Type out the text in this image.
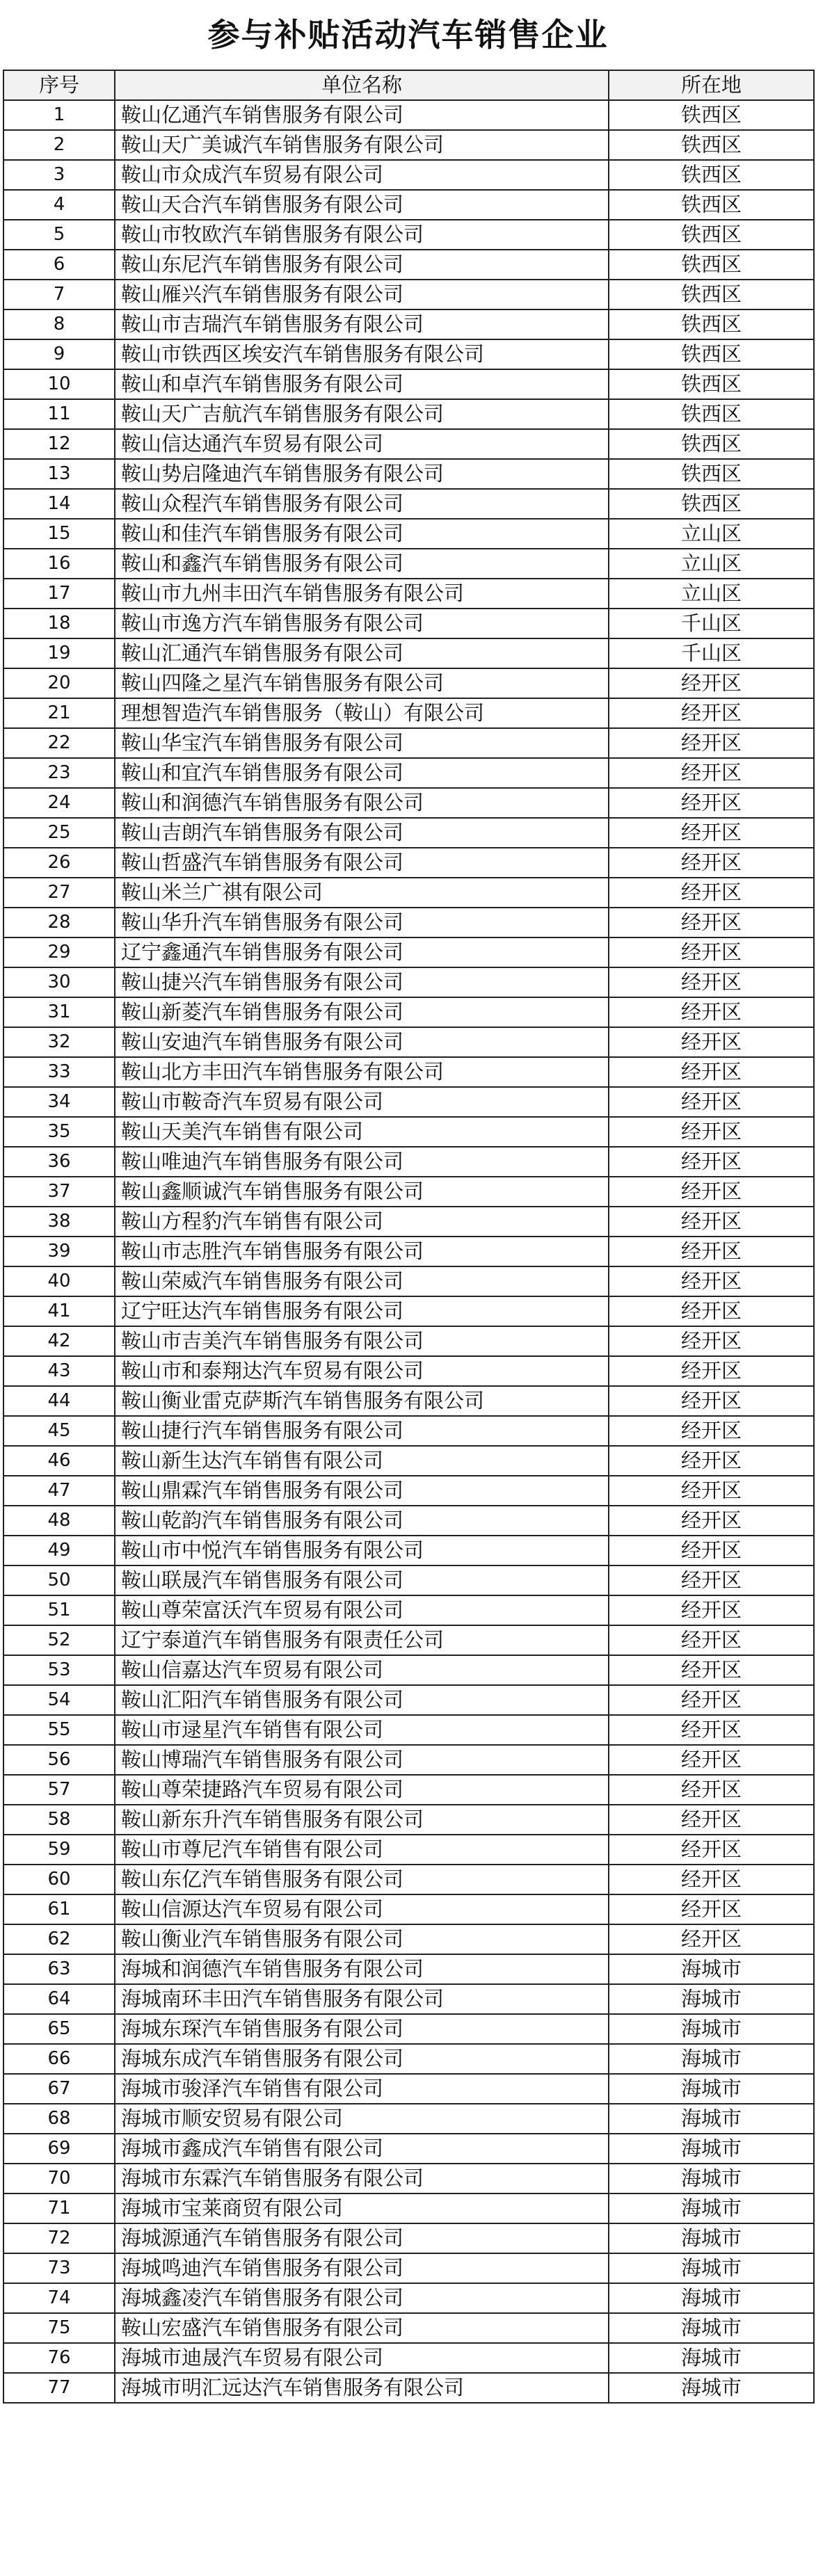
参与补贴活动汽车销售企业
序号	单位名称	所在地
1	鞍山亿通汽车销售服务有限公司	铁西区
2	鞍山天广美诚汽车销售服务有限公司	铁西区
3	鞍山市众成汽车贸易有限公司	铁西区
4	鞍山天合汽车销售服务有限公司	铁西区
5	鞍山市牧欧汽车销售服务有限公司	铁西区
6	鞍山东尼汽车销售服务有限公司	铁西区
7	鞍山雁兴汽车销售服务有限公司	铁西区
8	鞍山市吉瑞汽车销售服务有限公司	铁西区
9	鞍山市铁西区埃安汽车销售服务有限公司	铁西区
10	鞍山和卓汽车销售服务有限公司	铁西区
11	鞍山天广吉航汽车销售服务有限公司	铁西区
12	鞍山信达通汽车贸易有限公司	铁西区
13	鞍山势启隆迪汽车销售服务有限公司	铁西区
14	鞍山众程汽车销售服务有限公司	铁西区
15	鞍山和佳汽车销售服务有限公司	立山区
16	鞍山和鑫汽车销售服务有限公司	立山区
17	鞍山市九州丰田汽车销售服务有限公司	立山区
18	鞍山市逸方汽车销售服务有限公司	千山区
19	鞍山汇通汽车销售服务有限公司	千山区
20	鞍山四隆之星汽车销售服务有限公司	经开区
21	理想智造汽车销售服务（鞍山）有限公司	经开区
22	鞍山华宝汽车销售服务有限公司	经开区
23	鞍山和宜汽车销售服务有限公司	经开区
24	鞍山和润德汽车销售服务有限公司	经开区
25	鞍山吉朗汽车销售服务有限公司	经开区
26	鞍山哲盛汽车销售服务有限公司	经开区
27	鞍山米兰广祺有限公司	经开区
28	鞍山华升汽车销售服务有限公司	经开区
29	辽宁鑫通汽车销售服务有限公司	经开区
30	鞍山捷兴汽车销售服务有限公司	经开区
31	鞍山新菱汽车销售服务有限公司	经开区
32	鞍山安迪汽车销售服务有限公司	经开区
33	鞍山北方丰田汽车销售服务有限公司	经开区
34	鞍山市鞍奇汽车贸易有限公司	经开区
35	鞍山天美汽车销售有限公司	经开区
36	鞍山唯迪汽车销售服务有限公司	经开区
37	鞍山鑫顺诚汽车销售服务有限公司	经开区
38	鞍山方程豹汽车销售有限公司	经开区
39	鞍山市志胜汽车销售服务有限公司	经开区
40	鞍山荣威汽车销售服务有限公司	经开区
41	辽宁旺达汽车销售服务有限公司	经开区
42	鞍山市吉美汽车销售服务有限公司	经开区
43	鞍山市和泰翔达汽车贸易有限公司	经开区
44	鞍山衡业雷克萨斯汽车销售服务有限公司	经开区
45	鞍山捷行汽车销售服务有限公司	经开区
46	鞍山新生达汽车销售有限公司	经开区
47	鞍山鼎霖汽车销售服务有限公司	经开区
48	鞍山乾韵汽车销售服务有限公司	经开区
49	鞍山市中悦汽车销售服务有限公司	经开区
50	鞍山联晟汽车销售服务有限公司	经开区
51	鞍山尊荣富沃汽车贸易有限公司	经开区
52	辽宁泰道汽车销售服务有限责任公司	经开区
53	鞍山信嘉达汽车贸易有限公司	经开区
54	鞍山汇阳汽车销售服务有限公司	经开区
55	鞍山市逯星汽车销售有限公司	经开区
56	鞍山博瑞汽车销售服务有限公司	经开区
57	鞍山尊荣捷路汽车贸易有限公司	经开区
58	鞍山新东升汽车销售服务有限公司	经开区
59	鞍山市尊尼汽车销售有限公司	经开区
60	鞍山东亿汽车销售服务有限公司	经开区
61	鞍山信源达汽车贸易有限公司	经开区
62	鞍山衡业汽车销售服务有限公司	经开区
63	海城和润德汽车销售服务有限公司	海城市
64	海城南环丰田汽车销售服务有限公司	海城市
65	海城东琛汽车销售服务有限公司	海城市
66	海城东成汽车销售服务有限公司	海城市
67	海城市骏泽汽车销售有限公司	海城市
68	海城市顺安贸易有限公司	海城市
69	海城市鑫成汽车销售有限公司	海城市
70	海城市东霖汽车销售服务有限公司	海城市
71	海城市宝莱商贸有限公司	海城市
72	海城源通汽车销售服务有限公司	海城市
73	海城鸣迪汽车销售服务有限公司	海城市
74	海城鑫凌汽车销售服务有限公司	海城市
75	鞍山宏盛汽车销售服务有限公司	海城市
76	海城市迪晟汽车贸易有限公司	海城市
77	海城市明汇远达汽车销售服务有限公司	海城市
